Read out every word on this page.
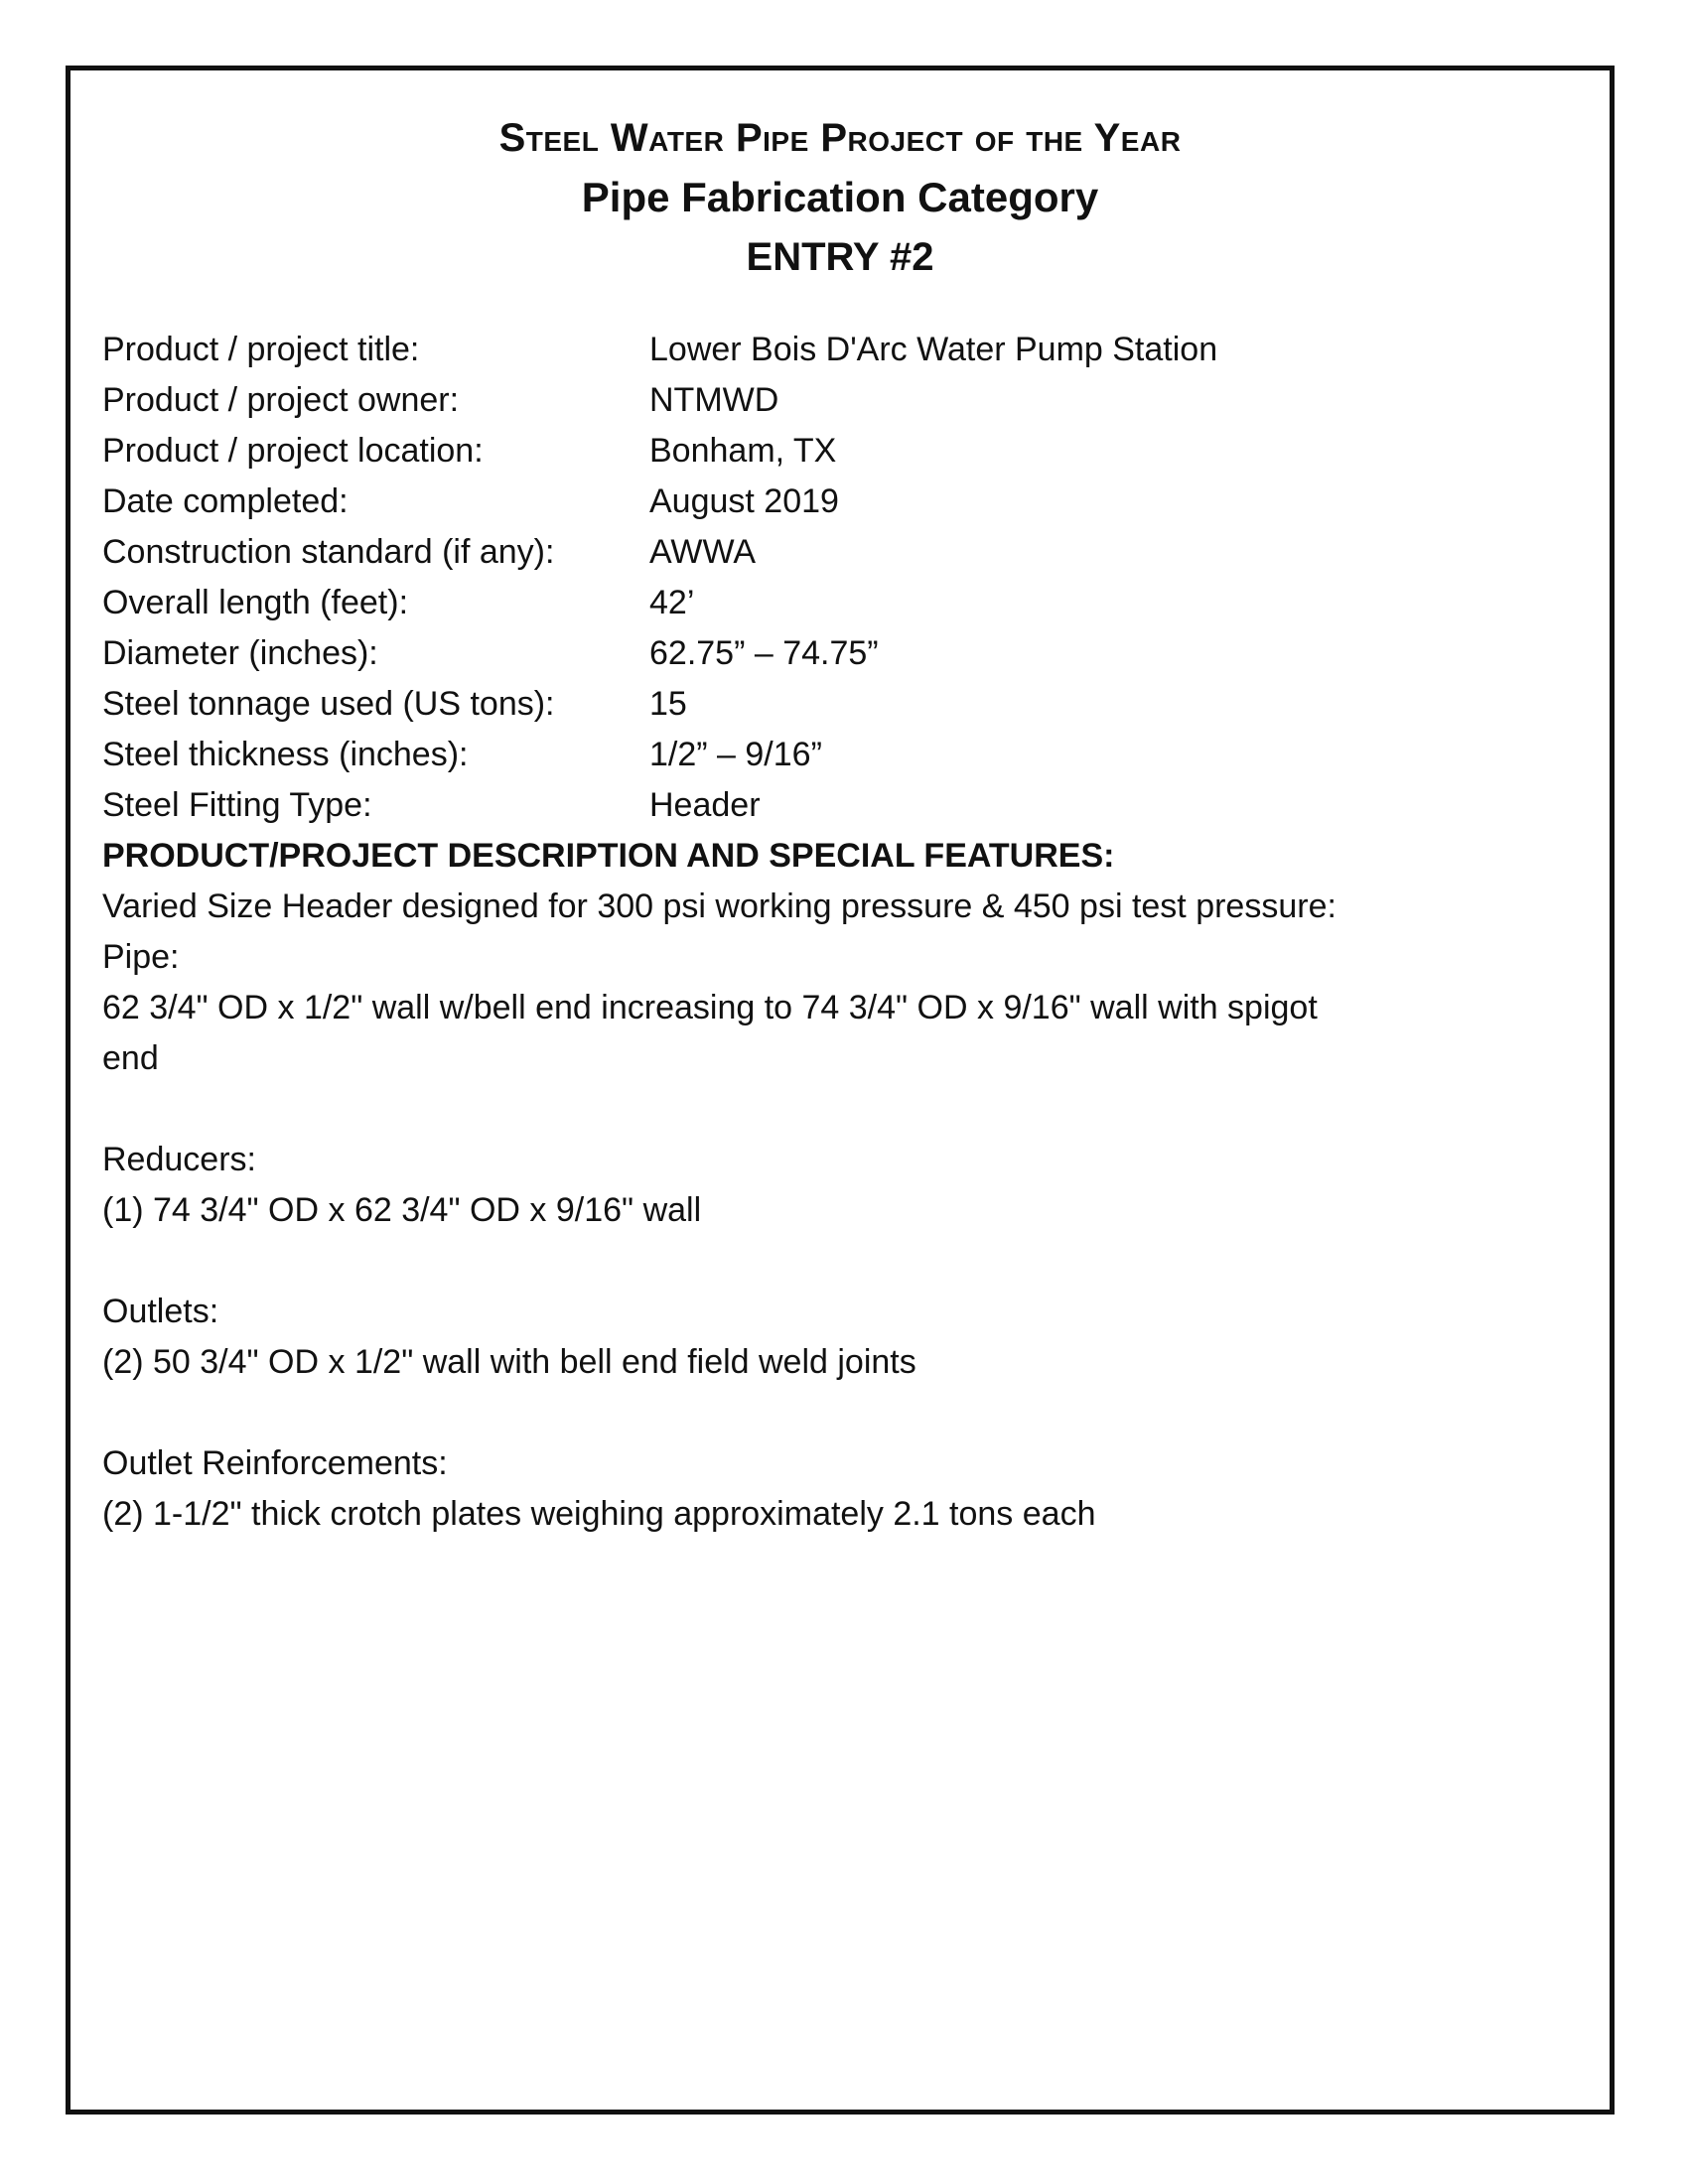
Steel Water Pipe Project of the Year
Pipe Fabrication Category
ENTRY #2
Product / project title:	Lower Bois D'Arc Water Pump Station
Product / project owner:	NTMWD
Product / project location:	Bonham, TX
Date completed:	August 2019
Construction standard (if any):	AWWA
Overall length (feet):	42’
Diameter (inches):	62.75” – 74.75”
Steel tonnage used (US tons):	15
Steel thickness (inches):	1/2” – 9/16”
Steel Fitting Type:	Header
PRODUCT/PROJECT DESCRIPTION AND SPECIAL FEATURES:
Varied Size Header designed for 300 psi working pressure & 450 psi test pressure:
Pipe:
62 3/4" OD x 1/2" wall w/bell end increasing to 74 3/4" OD x 9/16" wall with spigot
end
Reducers:
(1) 74 3/4" OD x 62 3/4" OD x 9/16" wall
Outlets:
(2) 50 3/4" OD x 1/2" wall with bell end field weld joints
Outlet Reinforcements:
(2) 1-1/2" thick crotch plates weighing approximately 2.1 tons each
